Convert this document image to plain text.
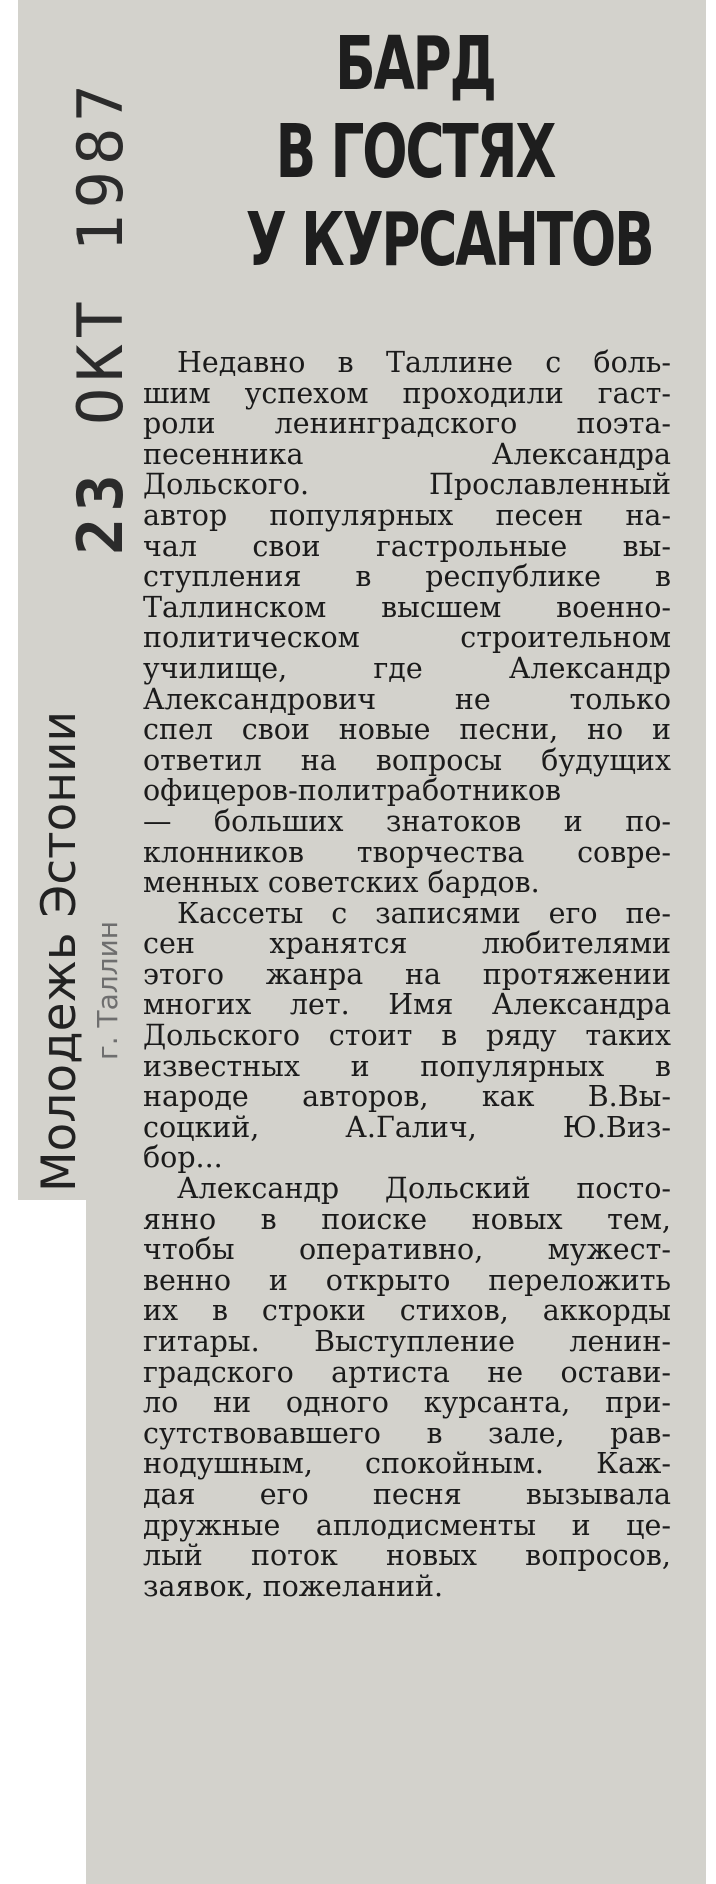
БАРД
В ГОСТЯХ
У КУРСАНТОВ
23 ОКТ 1987
Молодежь Эстонии г. Таллин
Недавно в Таллине с боль-
шим успехом проходили гаст-
роли ленинградского поэта-
песенника Александра
Дольского. Прославленный
автор популярных песен на-
чал свои гастрольные вы-
ступления в республике в
Таллинском высшем военно-
политическом строительном
училище, где Александр
Александрович не только
спел свои новые песни, но и
ответил на вопросы будущих
офицеров-политработников
— больших знатоков и по-
клонников творчества совре-
менных советских бардов.
Кассеты с записями его пе-
сен хранятся любителями
этого жанра на протяжении
многих лет. Имя Александра
Дольского стоит в ряду таких
известных и популярных в
народе авторов, как В.Вы-
соцкий, А.Галич, Ю.Виз-
бор...
Александр Дольский посто-
янно в поиске новых тем,
чтобы оперативно, мужест-
венно и открыто переложить
их в строки стихов, аккорды
гитары. Выступление ленин-
градского артиста не остави-
ло ни одного курсанта, при-
сутствовавшего в зале, рав-
нодушным, спокойным. Каж-
дая его песня вызывала
дружные аплодисменты и це-
лый поток новых вопросов,
заявок, пожеланий.
